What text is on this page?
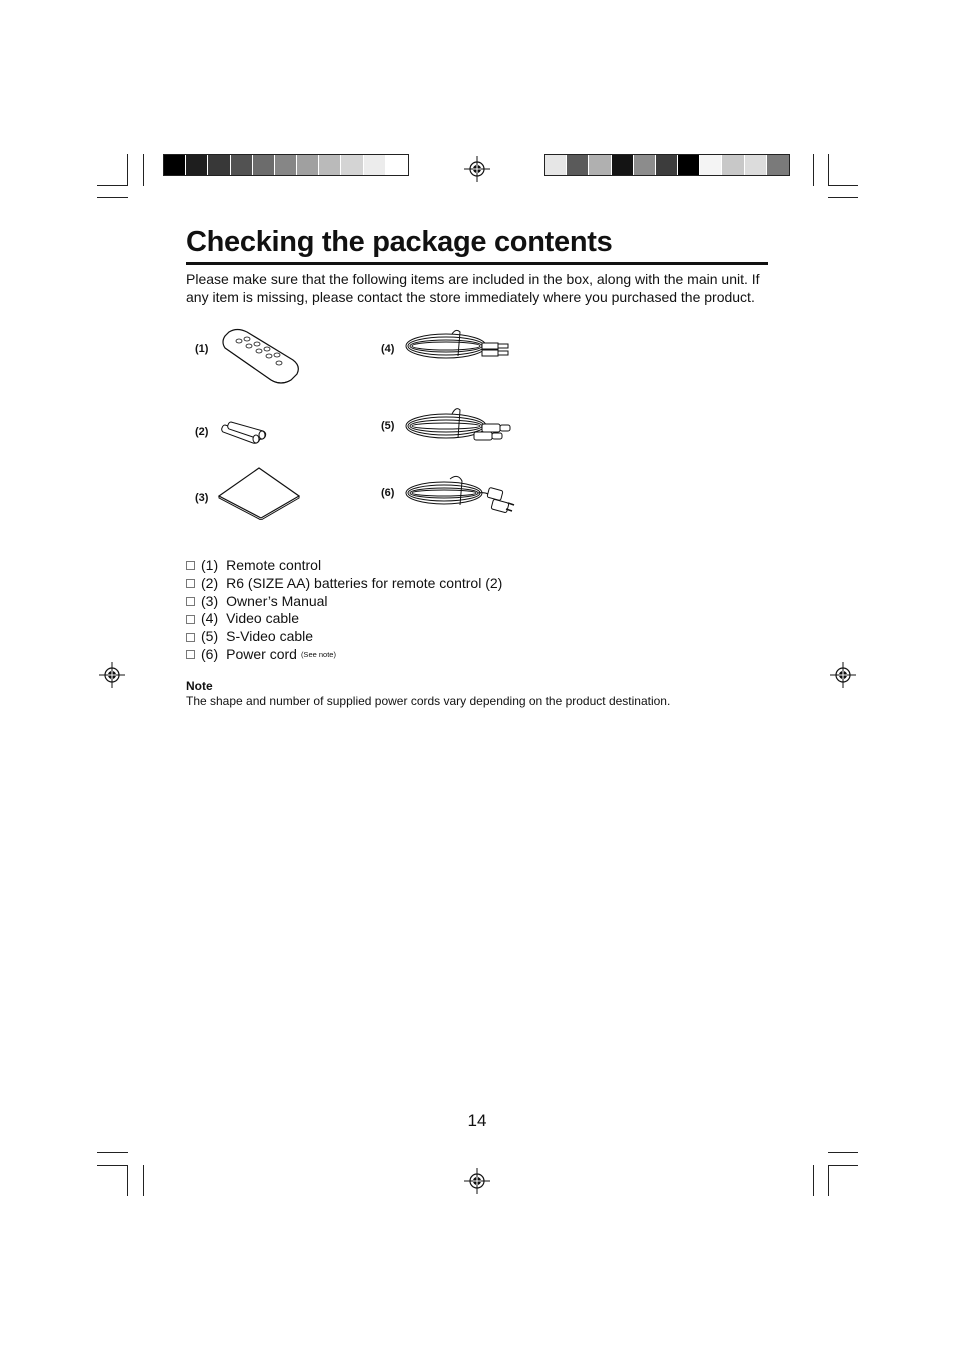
Checking the package contents
Please make sure that the following items are included in the box, along with the main unit. If any item is missing, please contact the store immediately where you purchased the product.
(1)
(2)
(3)
(4)
(5)
(6)
(1) Remote control
(2) R6 (SIZE AA) batteries for remote control (2)
(3) Owner’s Manual
(4) Video cable
(5) S-Video cable
(6) Power cord (See note)
Note
The shape and number of supplied power cords vary depending on the product destination.
14
